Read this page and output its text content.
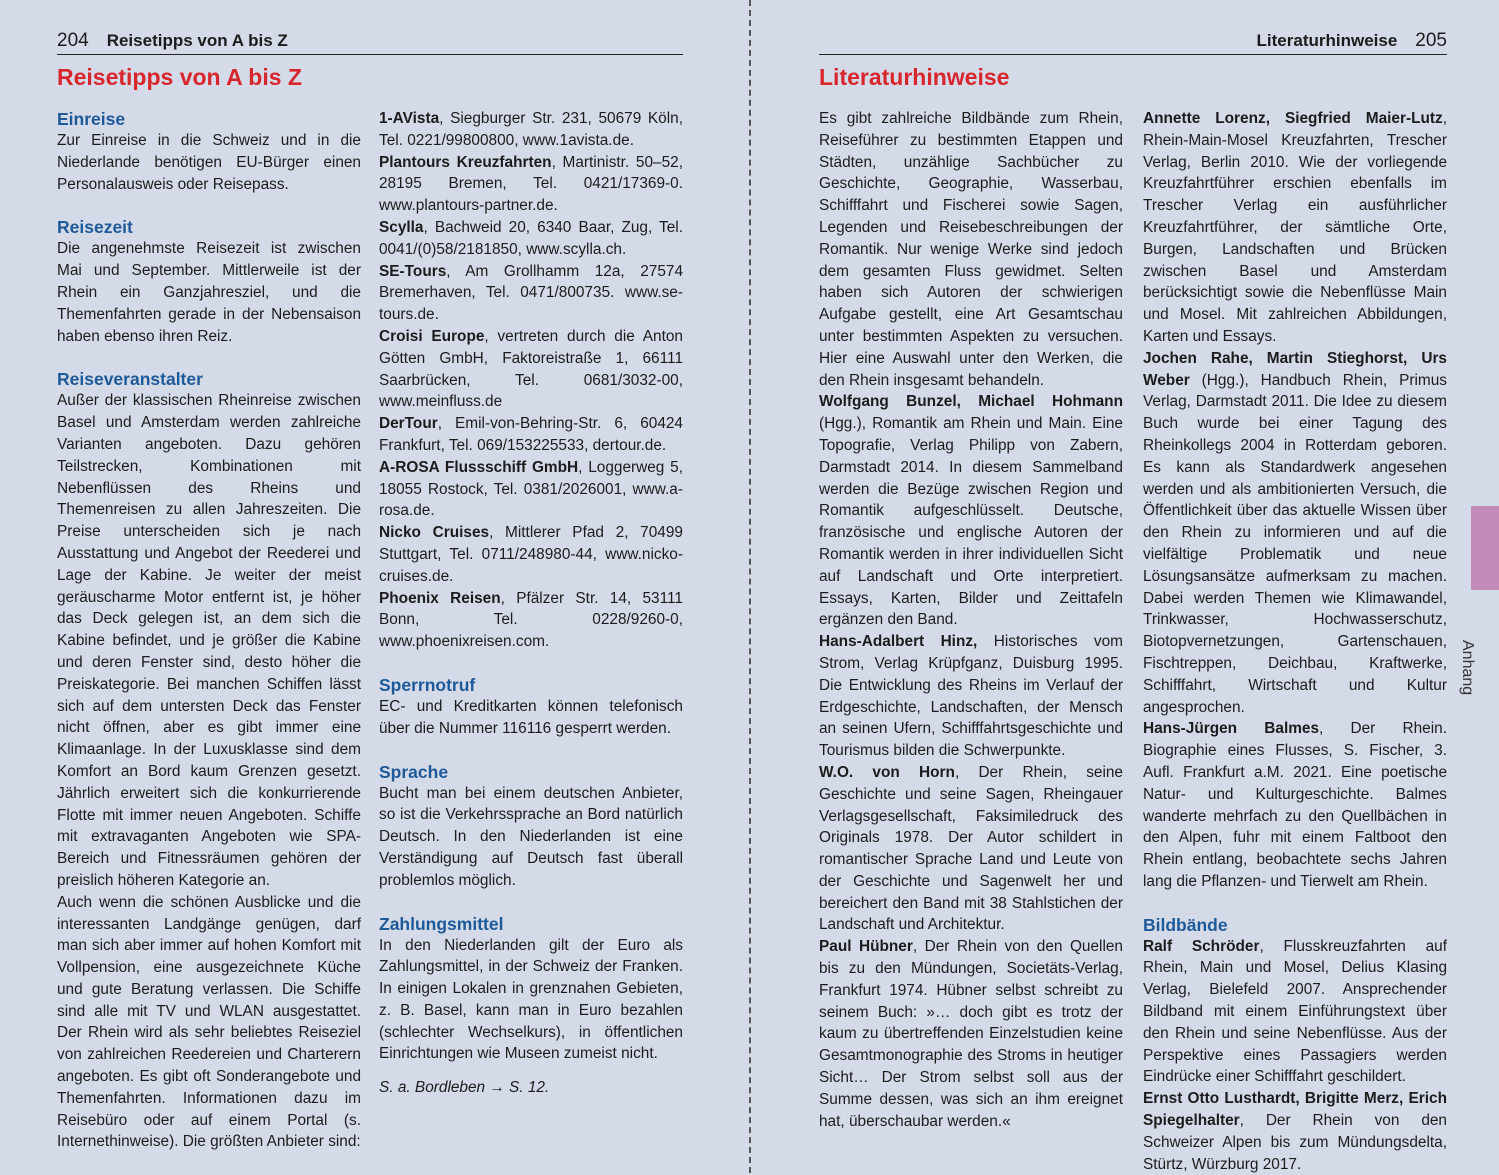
204 Reisetipps von A bis Z
Reisetipps von A bis Z
Einreise

Zur Einreise in die Schweiz und in die Niederlande benötigen EU-Bürger einen Personalausweis oder Reisepass.

Reisezeit

Die angenehmste Reisezeit ist zwischen Mai und September. Mittlerweile ist der Rhein ein Ganzjahresziel, und die Themenfahrten gerade in der Nebensaison haben ebenso ihren Reiz.

Reiseveranstalter

Außer der klassischen Rheinreise zwischen Basel und Amsterdam werden zahlreiche Varianten angeboten. Dazu gehören Teilstrecken, Kombinationen mit Nebenflüssen des Rheins und Themenreisen zu allen Jahreszeiten. Die Preise unterscheiden sich je nach Ausstattung und Angebot der Reederei und Lage der Kabine. Je weiter der meist geräuscharme Motor entfernt ist, je höher das Deck gelegen ist, an dem sich die Kabine befindet, und je größer die Kabine und deren Fenster sind, desto höher die Preiskategorie. Bei manchen Schiffen lässt sich auf dem untersten Deck das Fenster nicht öffnen, aber es gibt immer eine Klimaanlage. In der Luxusklasse sind dem Komfort an Bord kaum Grenzen gesetzt. Jährlich erweitert sich die konkurrierende Flotte mit immer neuen Angeboten. Schiffe mit extravaganten Angeboten wie SPA-Bereich und Fitnessräumen gehören der preislich höheren Kategorie an.

Auch wenn die schönen Ausblicke und die interessanten Landgänge genügen, darf man sich aber immer auf hohen Komfort mit Vollpension, eine ausgezeichnete Küche und gute Beratung verlassen. Die Schiffe sind alle mit TV und WLAN ausgestattet. Der Rhein wird als sehr beliebtes Reiseziel von zahlreichen Reedereien und Charterern angeboten. Es gibt oft Sonderangebote und Themenfahrten. Informationen dazu im Reisebüro oder auf einem Portal (s. Internethinweise). Die größten Anbieter sind:

1-AVista, Siegburger Str. 231, 50679 Köln, Tel. 0221/99800800, www.1avista.de.

Plantours Kreuzfahrten, Martinistr. 50–52, 28195 Bremen, Tel. 0421/17369-0. www.plantours-partner.de.

Scylla, Bachweid 20, 6340 Baar, Zug, Tel. 0041/(0)58/2181850, www.scylla.ch.

SE-Tours, Am Grollhamm 12a, 27574 Bremerhaven, Tel. 0471/800735. www.se-tours.de.

Croisi Europe, vertreten durch die Anton Götten GmbH, Faktoreistraße 1, 66111 Saarbrücken, Tel. 0681/3032-00, www.meinfluss.de

DerTour, Emil-von-Behring-Str. 6, 60424 Frankfurt, Tel. 069/153225533, dertour.de.

A-ROSA Flussschiff GmbH, Loggerweg 5, 18055 Rostock, Tel. 0381/2026001, www.a-rosa.de.

Nicko Cruises, Mittlerer Pfad 2, 70499 Stuttgart, Tel. 0711/248980-44, www.nicko-cruises.de.

Phoenix Reisen, Pfälzer Str. 14, 53111 Bonn, Tel. 0228/9260-0, www.phoenixreisen.com.

Sperrnotruf

EC- und Kreditkarten können telefonisch über die Nummer 116116 gesperrt werden.

Sprache

Bucht man bei einem deutschen Anbieter, so ist die Verkehrssprache an Bord natürlich Deutsch. In den Niederlanden ist eine Verständigung auf Deutsch fast überall problemlos möglich.

Zahlungsmittel

In den Niederlanden gilt der Euro als Zahlungsmittel, in der Schweiz der Franken. In einigen Lokalen in grenznahen Gebieten, z. B. Basel, kann man in Euro bezahlen (schlechter Wechselkurs), in öffentlichen Einrichtungen wie Museen zumeist nicht.

S. a. Bordleben → S. 12.

Literaturhinweise 205
Literaturhinweise

Es gibt zahlreiche Bildbände zum Rhein, Reiseführer zu bestimmten Etappen und Städten, unzählige Sachbücher zu Geschichte, Geographie, Wasserbau, Schifffahrt und Fischerei sowie Sagen, Legenden und Reisebeschreibungen der Romantik. Nur wenige Werke sind jedoch dem gesamten Fluss gewidmet. Selten haben sich Autoren der schwierigen Aufgabe gestellt, eine Art Gesamtschau unter bestimmten Aspekten zu versuchen. Hier eine Auswahl unter den Werken, die den Rhein insgesamt behandeln.

Wolfgang Bunzel, Michael Hohmann (Hgg.), Romantik am Rhein und Main. Eine Topografie, Verlag Philipp von Zabern, Darmstadt 2014. In diesem Sammelband werden die Bezüge zwischen Region und Romantik aufgeschlüsselt. Deutsche, französische und englische Autoren der Romantik werden in ihrer individuellen Sicht auf Landschaft und Orte interpretiert. Essays, Karten, Bilder und Zeittafeln ergänzen den Band.

Hans-Adalbert Hinz, Historisches vom Strom, Verlag Krüpfganz, Duisburg 1995. Die Entwicklung des Rheins im Verlauf der Erdgeschichte, Landschaften, der Mensch an seinen Ufern, Schifffahrtsgeschichte und Tourismus bilden die Schwerpunkte.

W.O. von Horn, Der Rhein, seine Geschichte und seine Sagen, Rheingauer Verlagsgesellschaft, Faksimiledruck des Originals 1978. Der Autor schildert in romantischer Sprache Land und Leute von der Geschichte und Sagenwelt her und bereichert den Band mit 38 Stahlstichen der Landschaft und Architektur.

Paul Hübner, Der Rhein von den Quellen bis zu den Mündungen, Societäts-Verlag, Frankfurt 1974. Hübner selbst schreibt zu seinem Buch: »… doch gibt es trotz der kaum zu übertreffenden Einzelstudien keine Gesamtmonographie des Stroms in heutiger Sicht… Der Strom selbst soll aus der Summe dessen, was sich an ihm ereignet hat, überschaubar werden.«

Annette Lorenz, Siegfried Maier-Lutz, Rhein-Main-Mosel Kreuzfahrten, Trescher Verlag, Berlin 2010. Wie der vorliegende Kreuzfahrtführer erschien ebenfalls im Trescher Verlag ein ausführlicher Kreuzfahrtführer, der sämtliche Orte, Burgen, Landschaften und Brücken zwischen Basel und Amsterdam berücksichtigt sowie die Nebenflüsse Main und Mosel. Mit zahlreichen Abbildungen, Karten und Essays.

Jochen Rahe, Martin Stieghorst, Urs Weber (Hgg.), Handbuch Rhein, Primus Verlag, Darmstadt 2011. Die Idee zu diesem Buch wurde bei einer Tagung des Rheinkollegs 2004 in Rotterdam geboren. Es kann als Standardwerk angesehen werden und als ambitionierten Versuch, die Öffentlichkeit über das aktuelle Wissen über den Rhein zu informieren und auf die vielfältige Problematik und neue Lösungsansätze aufmerksam zu machen. Dabei werden Themen wie Klimawandel, Trinkwasser, Hochwasserschutz, Biotopvernetzungen, Gartenschauen, Fischtreppen, Deichbau, Kraftwerke, Schifffahrt, Wirtschaft und Kultur angesprochen.

Hans-Jürgen Balmes, Der Rhein. Biographie eines Flusses, S. Fischer, 3. Aufl. Frankfurt a.M. 2021. Eine poetische Natur- und Kulturgeschichte. Balmes wanderte mehrfach zu den Quellbächen in den Alpen, fuhr mit einem Faltboot den Rhein entlang, beobachtete sechs Jahren lang die Pflanzen- und Tierwelt am Rhein.

Bildbände

Ralf Schröder, Flusskreuzfahrten auf Rhein, Main und Mosel, Delius Klasing Verlag, Bielefeld 2007. Ansprechender Bildband mit einem Einführungstext über den Rhein und seine Nebenflüsse. Aus der Perspektive eines Passagiers werden Eindrücke einer Schifffahrt geschildert.

Ernst Otto Lusthardt, Brigitte Merz, Erich Spiegelhalter, Der Rhein von den Schweizer Alpen bis zum Mündungsdelta, Stürtz, Würzburg 2017.

Anhang
